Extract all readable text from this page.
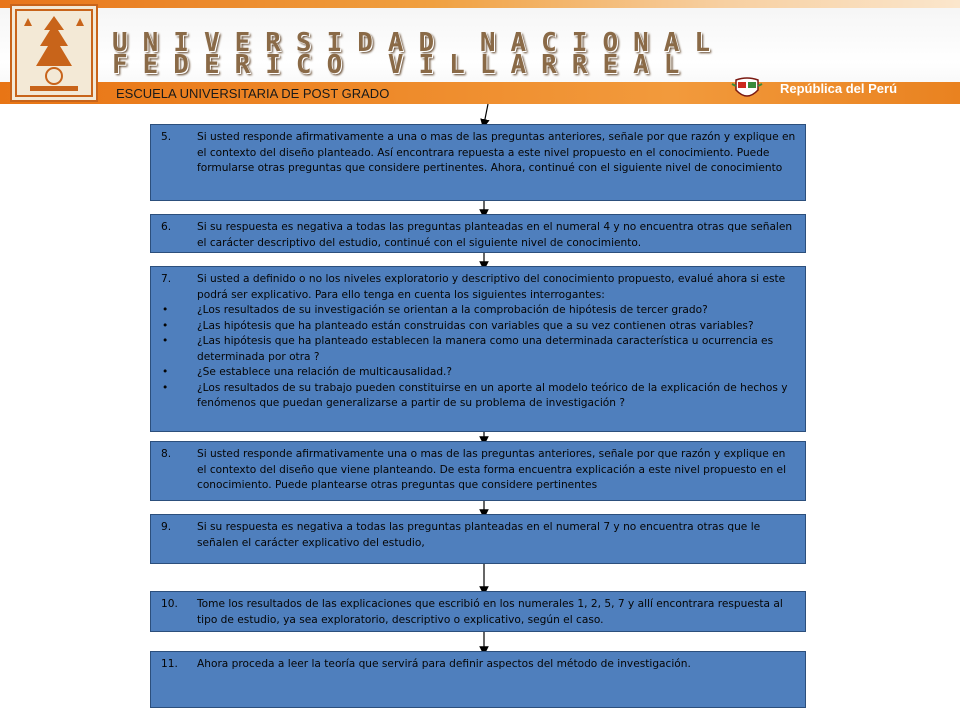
UNIVERSIDAD NACIONAL
FEDERICO VILLARREAL
ESCUELA UNIVERSITARIA DE POST GRADO	República del Perú
5. Si usted responde afirmativamente a una o mas de las preguntas anteriores, señale por que razón y explique en el contexto del diseño planteado. Así encontrara repuesta a este nivel propuesto en el conocimiento. Puede formularse otras preguntas que considere pertinentes. Ahora, continué con el siguiente nivel de conocimiento
6. Si su respuesta es negativa a todas las preguntas planteadas en el numeral 4 y no encuentra otras que señalen el carácter descriptivo del estudio, continué con el siguiente nivel de conocimiento.
7. Si usted a definido o no los niveles exploratorio y descriptivo del conocimiento propuesto, evalué ahora si este podrá ser explicativo. Para ello tenga en cuenta los siguientes interrogantes:
•	¿Los resultados de su investigación se orientan a la comprobación de hipótesis de tercer grado?
•	¿Las hipótesis que ha planteado están construidas con variables que a su vez contienen otras variables?
•	¿Las hipótesis que ha planteado establecen la manera como una determinada característica u ocurrencia es determinada por otra ?
•	¿Se establece una relación de multicausalidad.?
•	¿Los resultados de su trabajo pueden constituirse en un aporte al modelo teórico de la explicación de hechos y fenómenos que puedan generalizarse a partir de su problema de investigación ?
8. Si usted responde afirmativamente una o mas de las preguntas anteriores, señale por que razón y explique en el contexto del diseño que viene planteando. De esta forma encuentra explicación a este nivel propuesto en el conocimiento. Puede plantearse otras preguntas que considere pertinentes
9. Si su respuesta es negativa a todas las preguntas planteadas en el numeral 7 y no encuentra otras que le señalen el carácter explicativo del estudio,
10. Tome los resultados de las explicaciones que escribió en los numerales 1, 2, 5, 7 y allí encontrara respuesta al tipo de estudio, ya sea exploratorio, descriptivo o explicativo, según el caso.
11. Ahora proceda a leer la teoría que servirá para definir aspectos del método de investigación.
